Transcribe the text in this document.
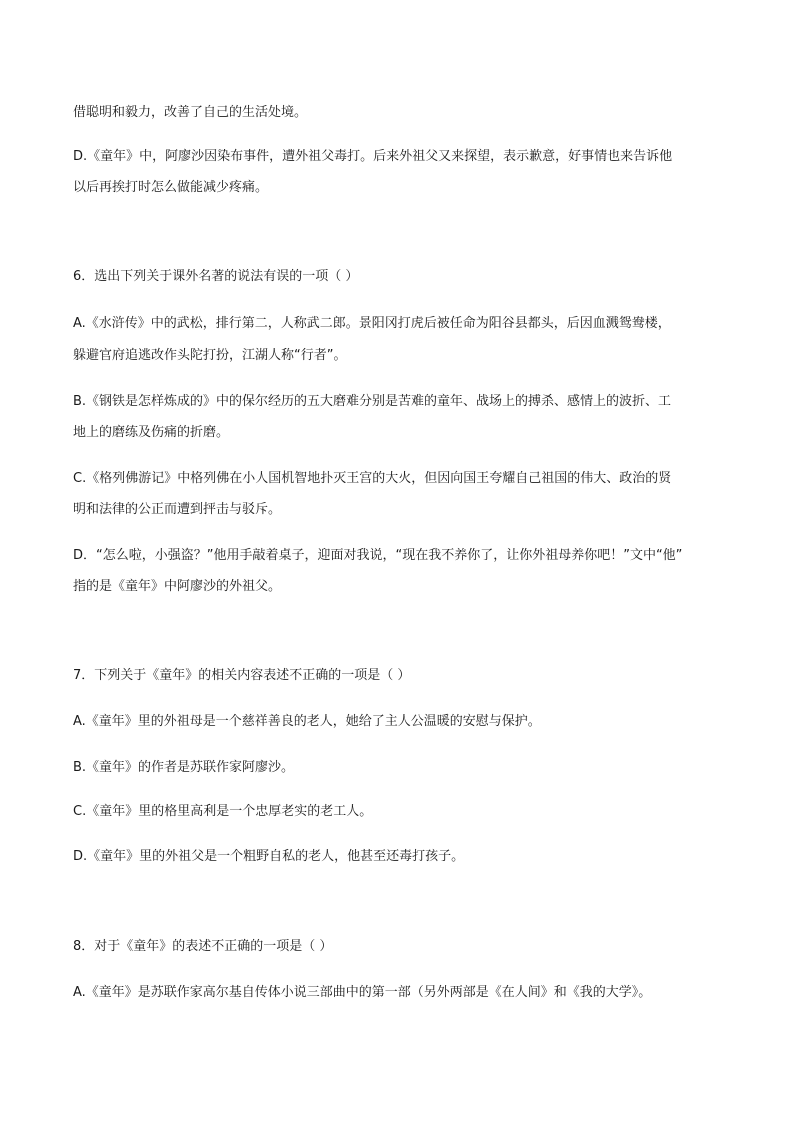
借聪明和毅力，改善了自己的生活处境。
D.《童年》中，阿廖沙因染布事件，遭外祖父毒打。后来外祖父又来探望，表示歉意，好事情也来告诉他
以后再挨打时怎么做能减少疼痛。
6．选出下列关于课外名著的说法有误的一项（ ）
A.《水浒传》中的武松，排行第二，人称武二郎。景阳冈打虎后被任命为阳谷县都头，后因血溅鸳鸯楼，
躲避官府追逃改作头陀打扮，江湖人称“行者”。
B.《钢铁是怎样炼成的》中的保尔经历的五大磨难分别是苦难的童年、战场上的搏杀、感情上的波折、工
地上的磨练及伤痛的折磨。
C.《格列佛游记》中格列佛在小人国机智地扑灭王宫的大火，但因向国王夸耀自己祖国的伟大、政治的贤
明和法律的公正而遭到抨击与驳斥。
D．“怎么啦，小强盗？”他用手敲着桌子，迎面对我说，“现在我不养你了，让你外祖母养你吧！”文中“他”
指的是《童年》中阿廖沙的外祖父。
7．下列关于《童年》的相关内容表述不正确的一项是（ ）
A.《童年》里的外祖母是一个慈祥善良的老人，她给了主人公温暖的安慰与保护。
B.《童年》的作者是苏联作家阿廖沙。
C.《童年》里的格里高利是一个忠厚老实的老工人。
D.《童年》里的外祖父是一个粗野自私的老人，他甚至还毒打孩子。
8．对于《童年》的表述不正确的一项是（ ）
A.《童年》是苏联作家高尔基自传体小说三部曲中的第一部（另外两部是《在人间》和《我的大学》。
